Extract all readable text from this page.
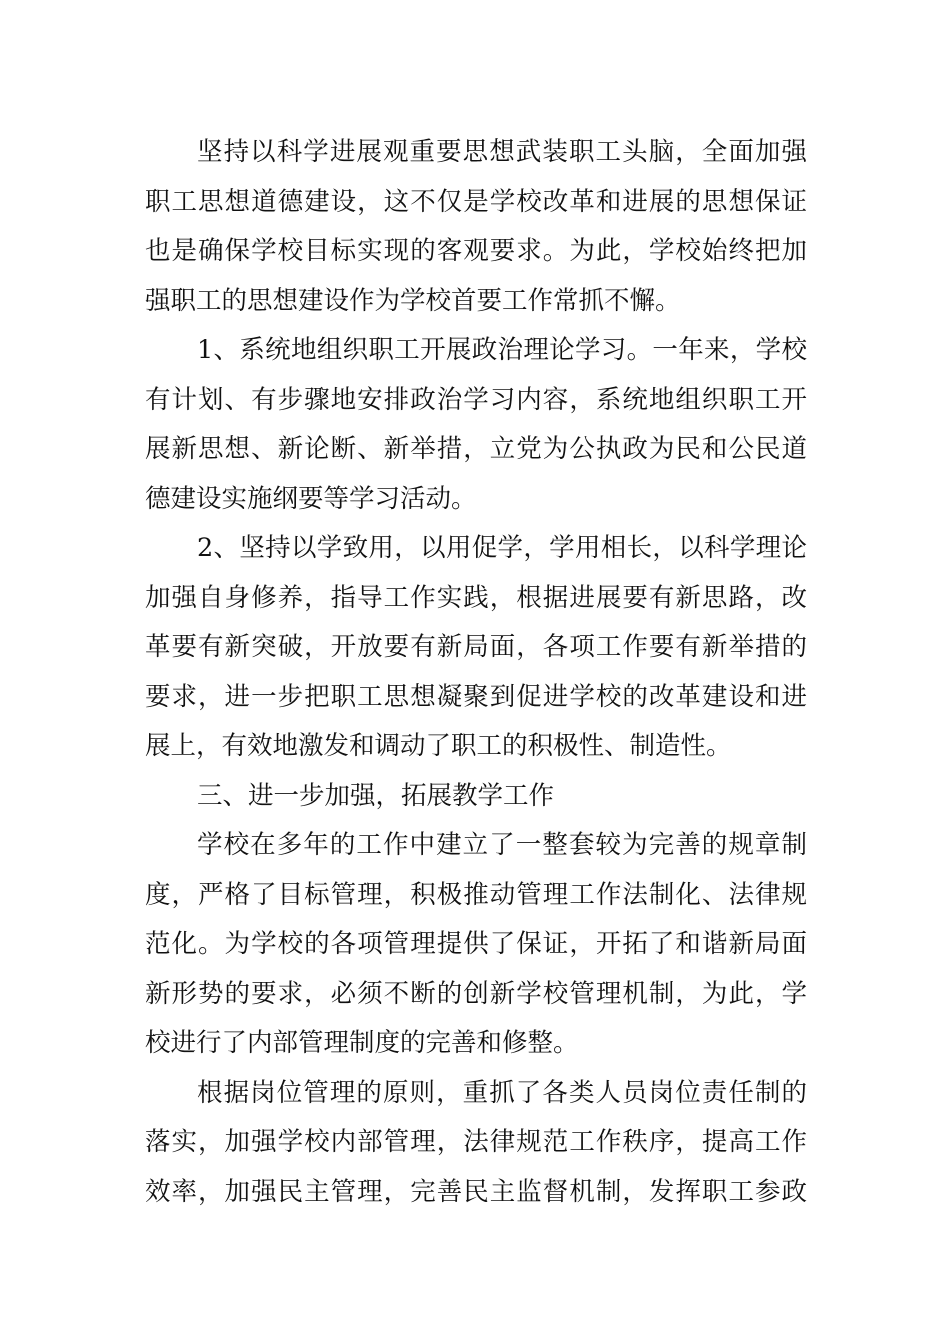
坚持以科学进展观重要思想武装职工头脑，全面加强
职工思想道德建设，这不仅是学校改革和进展的思想保证
也是确保学校目标实现的客观要求。为此，学校始终把加
强职工的思想建设作为学校首要工作常抓不懈。
1、系统地组织职工开展政治理论学习。一年来，学校
有计划、有步骤地安排政治学习内容，系统地组织职工开
展新思想、新论断、新举措，立党为公执政为民和公民道
德建设实施纲要等学习活动。
2、坚持以学致用，以用促学，学用相长，以科学理论
加强自身修养，指导工作实践，根据进展要有新思路，改
革要有新突破，开放要有新局面，各项工作要有新举措的
要求，进一步把职工思想凝聚到促进学校的改革建设和进
展上，有效地激发和调动了职工的积极性、制造性。
三、进一步加强，拓展教学工作
学校在多年的工作中建立了一整套较为完善的规章制
度，严格了目标管理，积极推动管理工作法制化、法律规
范化。为学校的各项管理提供了保证，开拓了和谐新局面
新形势的要求，必须不断的创新学校管理机制，为此，学
校进行了内部管理制度的完善和修整。
根据岗位管理的原则，重抓了各类人员岗位责任制的
落实，加强学校内部管理，法律规范工作秩序，提高工作
效率，加强民主管理，完善民主监督机制，发挥职工参政
